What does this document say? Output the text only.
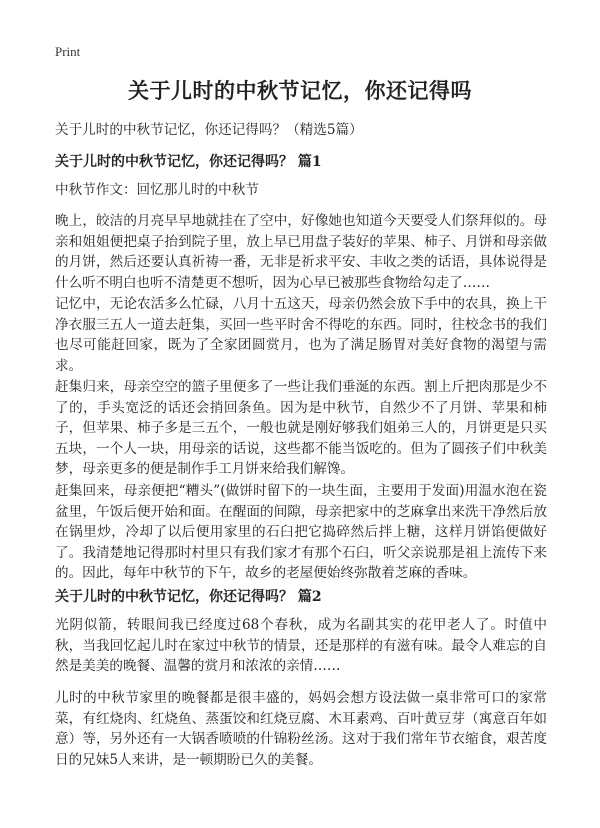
Print
关于儿时的中秋节记忆，你还记得吗

关于儿时的中秋节记忆，你还记得吗？（精选5篇）

关于儿时的中秋节记忆，你还记得吗？ 篇1

中秋节作文：回忆那儿时的中秋节

晚上，皎洁的月亮早早地就挂在了空中，好像她也知道今天要受人们祭拜似的。母亲和姐姐便把桌子抬到院子里，放上早已用盘子装好的苹果、柿子、月饼和母亲做的月饼，然后还要认真祈祷一番，无非是祈求平安、丰收之类的话语，具体说得是什么听不明白也听不清楚更不想听，因为心早已被那些食物给勾走了……

记忆中，无论农活多么忙碌，八月十五这天，母亲仍然会放下手中的农具，换上干净衣服三五人一道去赶集，买回一些平时舍不得吃的东西。同时，往校念书的我们也尽可能赶回家，既为了全家团圆赏月，也为了满足肠胃对美好食物的渴望与需求。

赶集归来，母亲空空的篮子里便多了一些让我们垂涎的东西。割上斤把肉那是少不了的，手头宽泛的话还会捎回条鱼。因为是中秋节，自然少不了月饼、苹果和柿子，但苹果、柿子多是三五个，一般也就是刚好够我们姐弟三人的，月饼更是只买五块，一个人一块，用母亲的话说，这些都不能当饭吃的。但为了圆孩子们中秋美梦，母亲更多的便是制作手工月饼来给我们解馋。

赶集回来，母亲便把“糟头”(做饼时留下的一块生面，主要用于发面)用温水泡在瓷盆里，午饭后便开始和面。在醒面的间隙，母亲把家中的芝麻拿出来洗干净然后放在锅里炒，冷却了以后便用家里的石臼把它捣碎然后拌上糖，这样月饼馅便做好了。我清楚地记得那时村里只有我们家才有那个石臼，听父亲说那是祖上流传下来的。因此，每年中秋节的下午，故乡的老屋便始终弥散着芝麻的香味。

关于儿时的中秋节记忆，你还记得吗？ 篇2

光阴似箭，转眼间我已经度过68个春秋，成为名副其实的花甲老人了。时值中秋，当我回忆起儿时在家过中秋节的情景，还是那样的有滋有味。最令人难忘的自然是美美的晚餐、温馨的赏月和浓浓的亲情……

儿时的中秋节家里的晚餐都是很丰盛的，妈妈会想方设法做一桌非常可口的家常菜，有红烧肉、红烧鱼、蒸蛋饺和红烧豆腐、木耳素鸡、百叶黄豆芽（寓意百年如意）等，另外还有一大锅香喷喷的什锦粉丝汤。这对于我们常年节衣缩食，艰苦度日的兄妹5人来讲，是一顿期盼已久的美餐。
